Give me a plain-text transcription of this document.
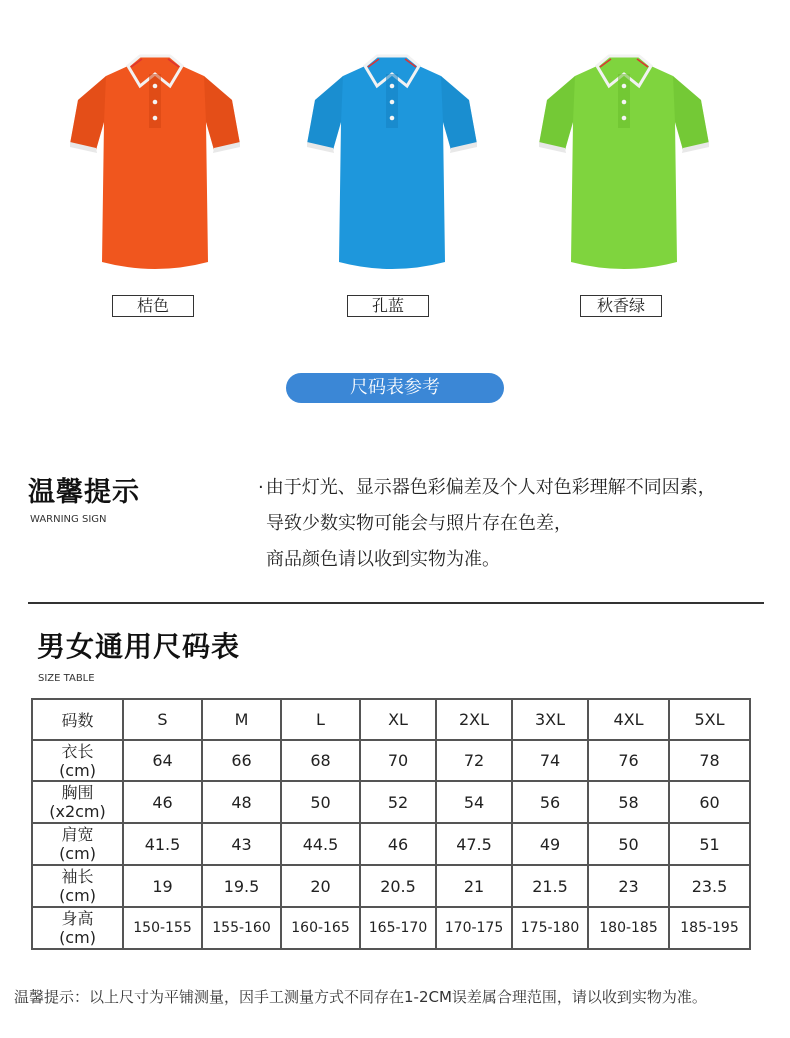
桔色	孔蓝	秋香绿
尺码表参考
温馨提示
WARNING SIGN
· 由于灯光、显示器色彩偏差及个人对色彩理解不同因素，
导致少数实物可能会与照片存在色差，
商品颜色请以收到实物为准。
男女通用尺码表
SIZE TABLE
码数	S	M	L	XL	2XL	3XL	4XL	5XL

衣长
(cm)	64	66	68	70	72	74	76	78

胸围
(x2cm)	46	48	50	52	54	56	58	60

肩宽
(cm)	41.5	43	44.5	46	47.5	49	50	51

袖长
(cm)	19	19.5	20	20.5	21	21.5	23	23.5

身高
(cm)	150-155	155-160	160-165	165-170	170-175	175-180	180-185	185-195
温馨提示：以上尺寸为平铺测量，因手工测量方式不同存在1-2CM误差属合理范围，请以收到实物为准。
